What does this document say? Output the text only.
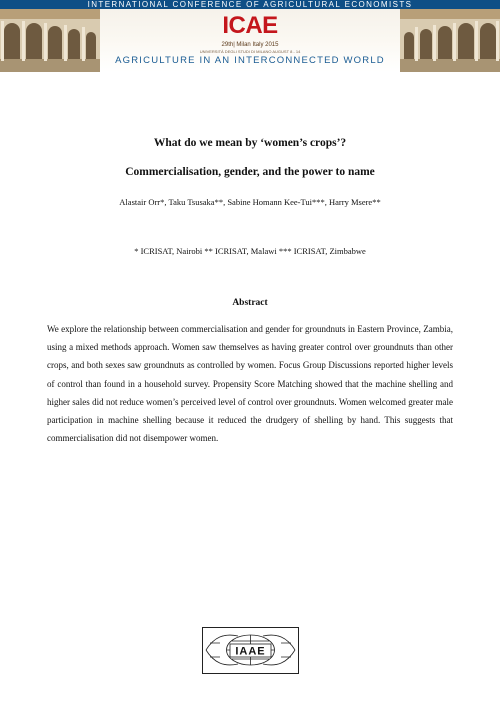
INTERNATIONAL CONFERENCE OF AGRICULTURAL ECONOMISTS
ICAE
29th| Milan Italy 2015
UNIVERSITÀ DEGLI STUDI DI MILANO AUGUST 8 - 14
AGRICULTURE IN AN INTERCONNECTED WORLD
What do we mean by ‘women’s crops’?
Commercialisation, gender, and the power to name
Alastair Orr*, Taku Tsusaka**, Sabine Homann Kee-Tui***, Harry Msere**
* ICRISAT, Nairobi ** ICRISAT, Malawi *** ICRISAT, Zimbabwe
Abstract
We explore the relationship between commercialisation and gender for groundnuts in Eastern Province, Zambia, using a mixed methods approach. Women saw themselves as having greater control over groundnuts than other crops, and both sexes saw groundnuts as controlled by women. Focus Group Discussions reported higher levels of control than found in a household survey. Propensity Score Matching showed that the machine shelling and higher sales did not reduce women’s perceived level of control over groundnuts. Women welcomed greater male participation in machine shelling because it reduced the drudgery of shelling by hand. This suggests that commercialisation did not disempower women.
IAAE
